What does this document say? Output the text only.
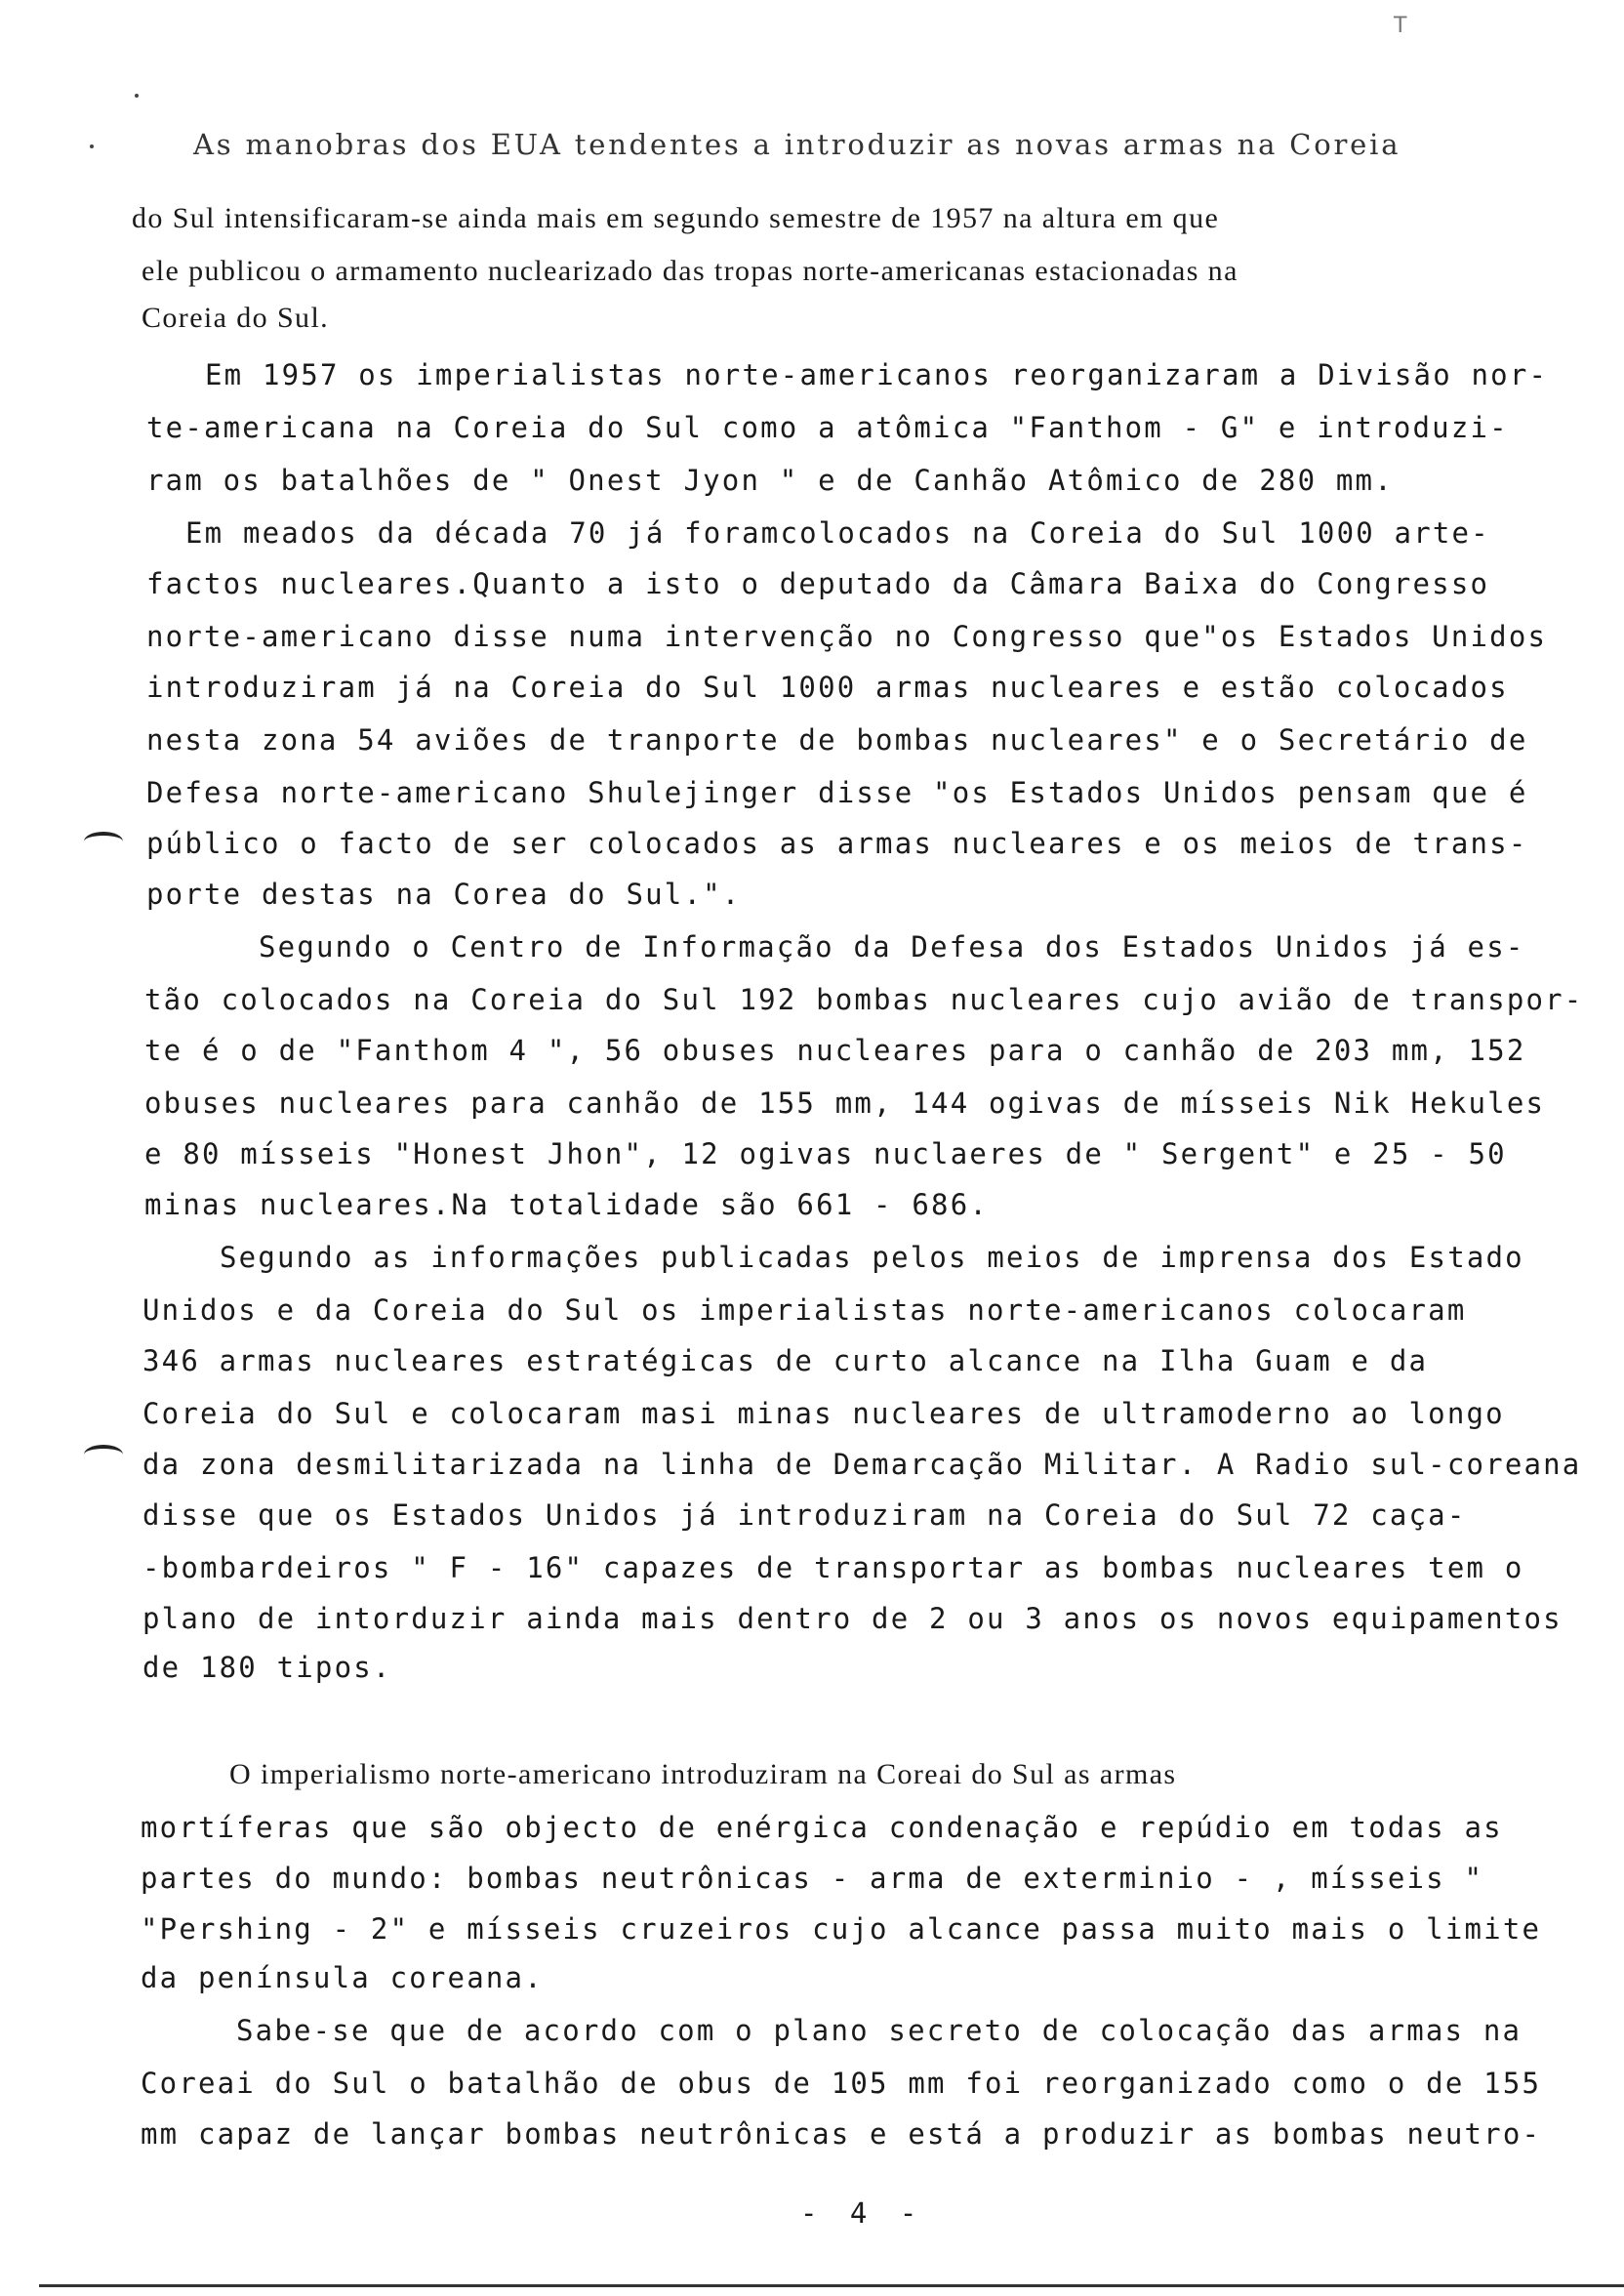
T
As manobras dos EUA tendentes a introduzir as novas armas na Coreia
do Sul intensificaram-se ainda mais em segundo semestre de 1957 na altura em que
ele publicou o armamento nuclearizado das tropas norte-americanas estacionadas na
Coreia do Sul.
Em 1957 os imperialistas norte-americanos reorganizaram a Divisão nor-
te-americana na Coreia do Sul como a atômica "Fanthom - G" e introduzi-
ram os batalhões de " Onest Jyon " e de Canhão Atômico de 280 mm.
Em meados da década 70 já foramcolocados na Coreia do Sul 1000 arte-
factos nucleares.Quanto a isto o deputado da Câmara Baixa do Congresso
norte-americano disse numa intervenção no Congresso que"os Estados Unidos
introduziram já na Coreia do Sul 1000 armas nucleares e estão colocados
nesta zona 54 aviões de tranporte de bombas nucleares" e o Secretário de
Defesa norte-americano Shulejinger disse "os Estados Unidos pensam que é
público o facto de ser colocados as armas nucleares e os meios de trans-
porte destas na Corea do Sul.".
Segundo o Centro de Informação da Defesa dos Estados Unidos já es-
tão colocados na Coreia do Sul 192 bombas nucleares cujo avião de transpor-
te é o de "Fanthom 4 ", 56 obuses nucleares para o canhão de 203 mm, 152
obuses nucleares para canhão de 155 mm, 144 ogivas de mísseis Nik Hekules
e 80 mísseis "Honest Jhon", 12 ogivas nuclaeres de " Sergent" e 25 - 50
minas nucleares.Na totalidade são 661 - 686.
Segundo as informações publicadas pelos meios de imprensa dos Estado
Unidos e da Coreia do Sul os imperialistas norte-americanos colocaram
346 armas nucleares estratégicas de curto alcance na Ilha Guam e da
Coreia do Sul e colocaram masi minas nucleares de ultramoderno ao longo
da zona desmilitarizada na linha de Demarcação Militar. A Radio sul-coreana
disse que os Estados Unidos já introduziram na Coreia do Sul 72 caça-
-bombardeiros " F - 16" capazes de transportar as bombas nucleares tem o
plano de intorduzir ainda mais dentro de 2 ou 3 anos os novos equipamentos
de 180 tipos.
O imperialismo norte-americano introduziram na Coreai do Sul as armas
mortíferas que são objecto de enérgica condenação e repúdio em todas as
partes do mundo: bombas neutrônicas - arma de exterminio - , mísseis "
"Pershing - 2" e mísseis cruzeiros cujo alcance passa muito mais o limite
da península coreana.
Sabe-se que de acordo com o plano secreto de colocação das armas na
Coreai do Sul o batalhão de obus de 105 mm foi reorganizado como o de 155
mm capaz de lançar bombas neutrônicas e está a produzir as bombas neutro-
- 4 -
